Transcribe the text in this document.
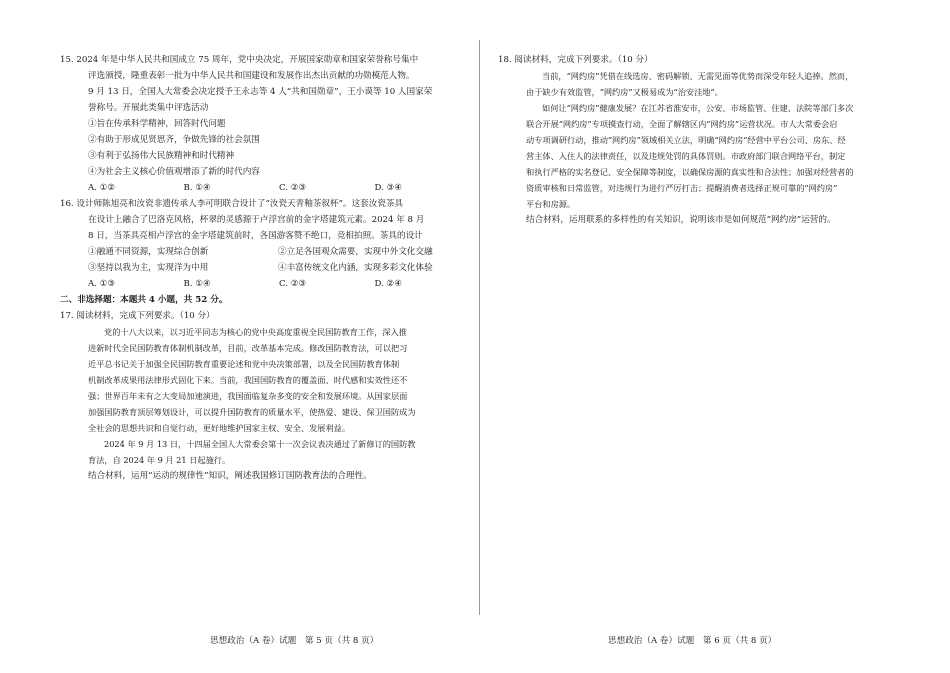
15. 2024 年是中华人民共和国成立 75 周年，党中央决定，开展国家勋章和国家荣誉称号集中
评选颁授，隆重表彰一批为中华人民共和国建设和发展作出杰出贡献的功勋模范人物。
9 月 13 日，全国人大常委会决定授予王永志等 4 人“共和国勋章”，王小谟等 10 人国家荣
誉称号。开展此类集中评选活动
①旨在传承科学精神，回答时代问题
②有助于形成见贤思齐，争做先锋的社会氛围
③有利于弘扬伟大民族精神和时代精神
④为社会主义核心价值观增添了新的时代内容
A. ①②	B. ①④	C. ②③	D. ③④
16. 设计师陈旭亮和汝瓷非遗传承人李可明联合设计了“汝瓷天青釉茶叙杯”。这套汝瓷茶具
在设计上融合了巴洛克风格，杯翠的灵感源于卢浮宫前的金字塔建筑元素。2024 年 8 月
8 日，当茶具亮相卢浮宫的金字塔建筑前时，各国游客赞不绝口，竞相拍照。茶具的设计
①融通不同资源，实现综合创新	②立足各国观众需要，实现中外文化交融
③坚持以我为主，实现洋为中用	④丰富传统文化内涵，实现多彩文化体验
A. ①③	B. ①④	C. ②③	D. ②④
二、非选择题：本题共 4 小题，共 52 分。
17. 阅读材料，完成下列要求。（10 分）
党的十八大以来，以习近平同志为核心的党中央高度重视全民国防教育工作，深入推
进新时代全民国防教育体制机制改革，目前，改革基本完成。修改国防教育法，可以把习
近平总书记关于加强全民国防教育重要论述和党中央决策部署，以及全民国防教育体制
机制改革成果用法律形式固化下来。当前，我国国防教育的覆盖面、时代感和实效性还不
强；世界百年未有之大变局加速演进，我国面临复杂多变的安全和发展环境。从国家层面
加强国防教育顶层筹划设计，可以提升国防教育的质量水平，使热爱、建设、保卫国防成为
全社会的思想共识和自觉行动，更好地维护国家主权、安全、发展利益。
2024 年 9 月 13 日，十四届全国人大常委会第十一次会议表决通过了新修订的国防教
育法，自 2024 年 9 月 21 日起施行。
结合材料，运用“运动的规律性”知识，阐述我国修订国防教育法的合理性。
思想政治（A 卷）试题　第 5 页（共 8 页）
18. 阅读材料，完成下列要求。（10 分）
当前，“网约房”凭借在线选房、密码解锁、无需见面等优势而深受年轻人追捧。然而，
由于缺少有效监管，“网约房”又极易成为“治安洼地”。
如何让“网约房”健康发展？在江苏省淮安市，公安、市场监管、住建、法院等部门多次
联合开展“网约房”专项摸查行动，全面了解辖区内“网约房”运营状况。市人大常委会启
动专项调研行动，推动“网约房”领域相关立法，明确“网约房”经营中平台公司、房东、经
营主体、入住人的法律责任，以及违规处罚的具体罚则。市政府部门联合网络平台，制定
和执行严格的实名登记、安全保障等制度，以确保房源的真实性和合法性；加强对经营者的
资质审核和日常监管，对违规行为进行严厉打击；提醒消费者选择正规可靠的“网约房”
平台和房源。
结合材料，运用联系的多样性的有关知识，说明该市是如何规范“网约房”运营的。
思想政治（A 卷）试题　第 6 页（共 8 页）
